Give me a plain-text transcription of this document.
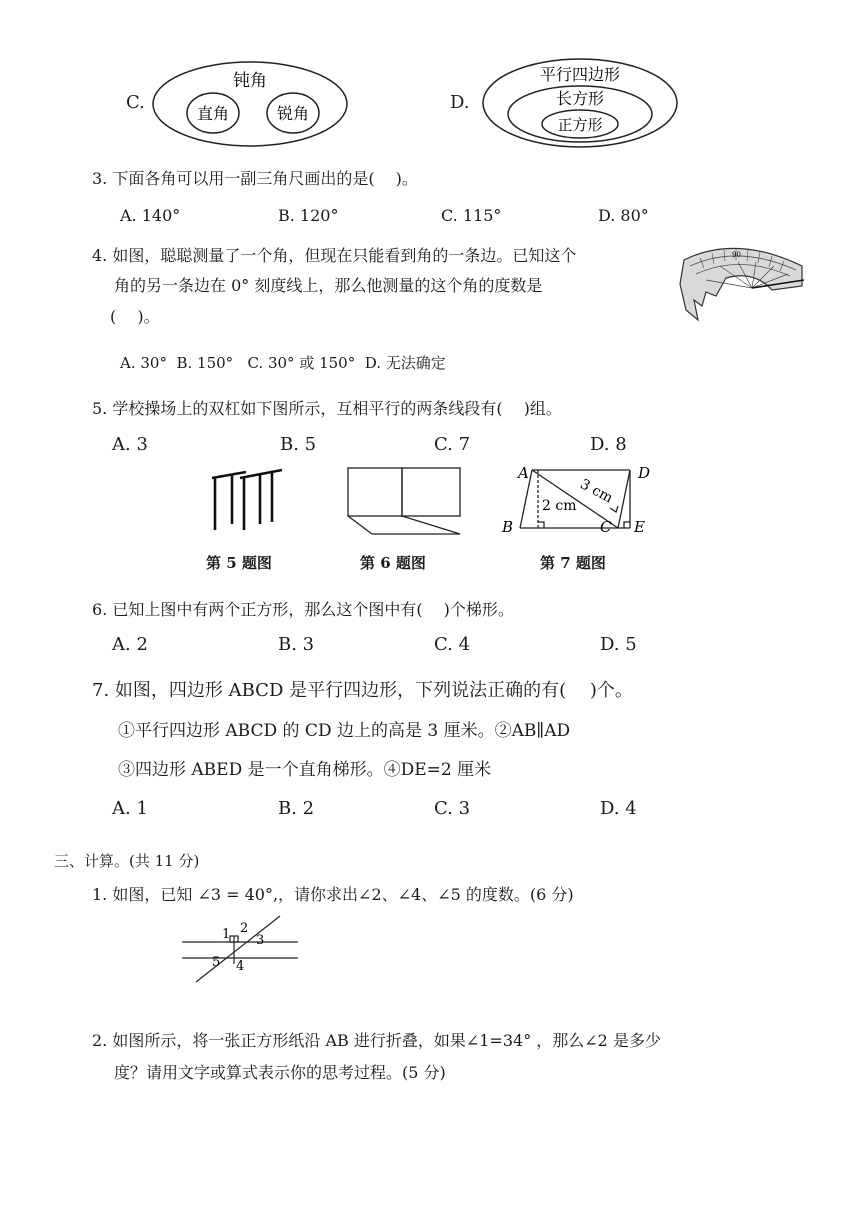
C.
钝角
直角	锐角
D.
平行四边形
长方形
正方形
3. 下面各角可以用一副三角尺画出的是(　 )。
A. 140°	B. 120°	C. 115°	D. 80°
4. 如图，聪聪测量了一个角，但现在只能看到角的一条边。已知这个
角的另一条边在 0° 刻度线上，那么他测量的这个角的度数是
(　 )。
A. 30°  B. 150°   C. 30° 或 150°  D. 无法确定
90
5. 学校操场上的双杠如下图所示，互相平行的两条线段有(　 )组。
A. 3	B. 5	C. 7	D. 8
第 5 题图	第 6 题图
A
B	C
D
E
3 cm
2 cm
第 7 题图
6. 已知上图中有两个正方形，那么这个图中有(　 )个梯形。
A. 2	B. 3	C. 4	D. 5
7. 如图，四边形 ABCD 是平行四边形，下列说法正确的有(　 )个。
①平行四边形 ABCD 的 CD 边上的高是 3 厘米。②AB∥AD
③四边形 ABED 是一个直角梯形。④DE=2 厘米
A. 1	B. 2	C. 3	D. 4
三、计算。(共 11 分)
1. 如图，已知 ∠3 = 40°,，请你求出∠2、∠4、∠5 的度数。(6 分)
1 2
3
4
5
2. 如图所示，将一张正方形纸沿 AB 进行折叠，如果∠1=34° ，那么∠2 是多少
度？请用文字或算式表示你的思考过程。(5 分)
